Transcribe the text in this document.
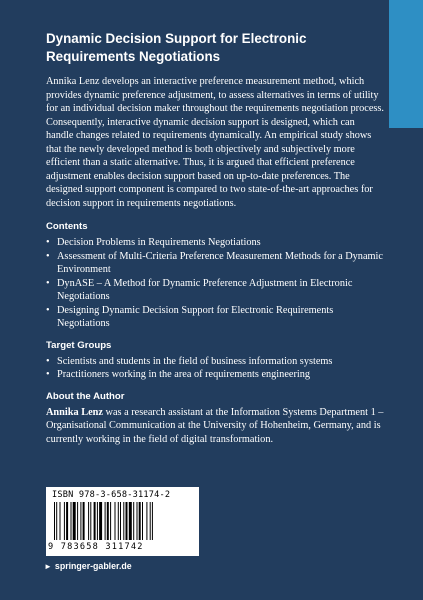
Dynamic Decision Support for Electronic Requirements Negotiations

Annika Lenz develops an interactive preference measurement method, which provides dynamic preference adjustment, to assess alternatives in terms of utility for an individual decision maker throughout the requirements negotiation process. Consequently, interactive dynamic decision support is designed, which can handle changes related to requirements dynamically. An empirical study shows that the newly developed method is both objectively and subjectively more efficient than a static alternative. Thus, it is argued that efficient preference adjustment enables decision support based on up-to-date preferences. The designed support component is compared to two state-of-the-art approaches for decision support in requirements negotiations.

Contents
• Decision Problems in Requirements Negotiations
• Assessment of Multi-Criteria Preference Measurement Methods for a Dynamic Environment
• DynASE – A Method for Dynamic Preference Adjustment in Electronic Negotiations
• Designing Dynamic Decision Support for Electronic Requirements Negotiations
Target Groups
• Scientists and students in the field of business information systems
• Practitioners working in the area of requirements engineering
About the Author

Annika Lenz was a research assistant at the Information Systems Department 1 – Organisational Communication at the University of Hohenheim, Germany, and is currently working in the field of digital transformation.

ISBN 978-3-658-31174-2
9 783658 311742
► springer-gabler.de
